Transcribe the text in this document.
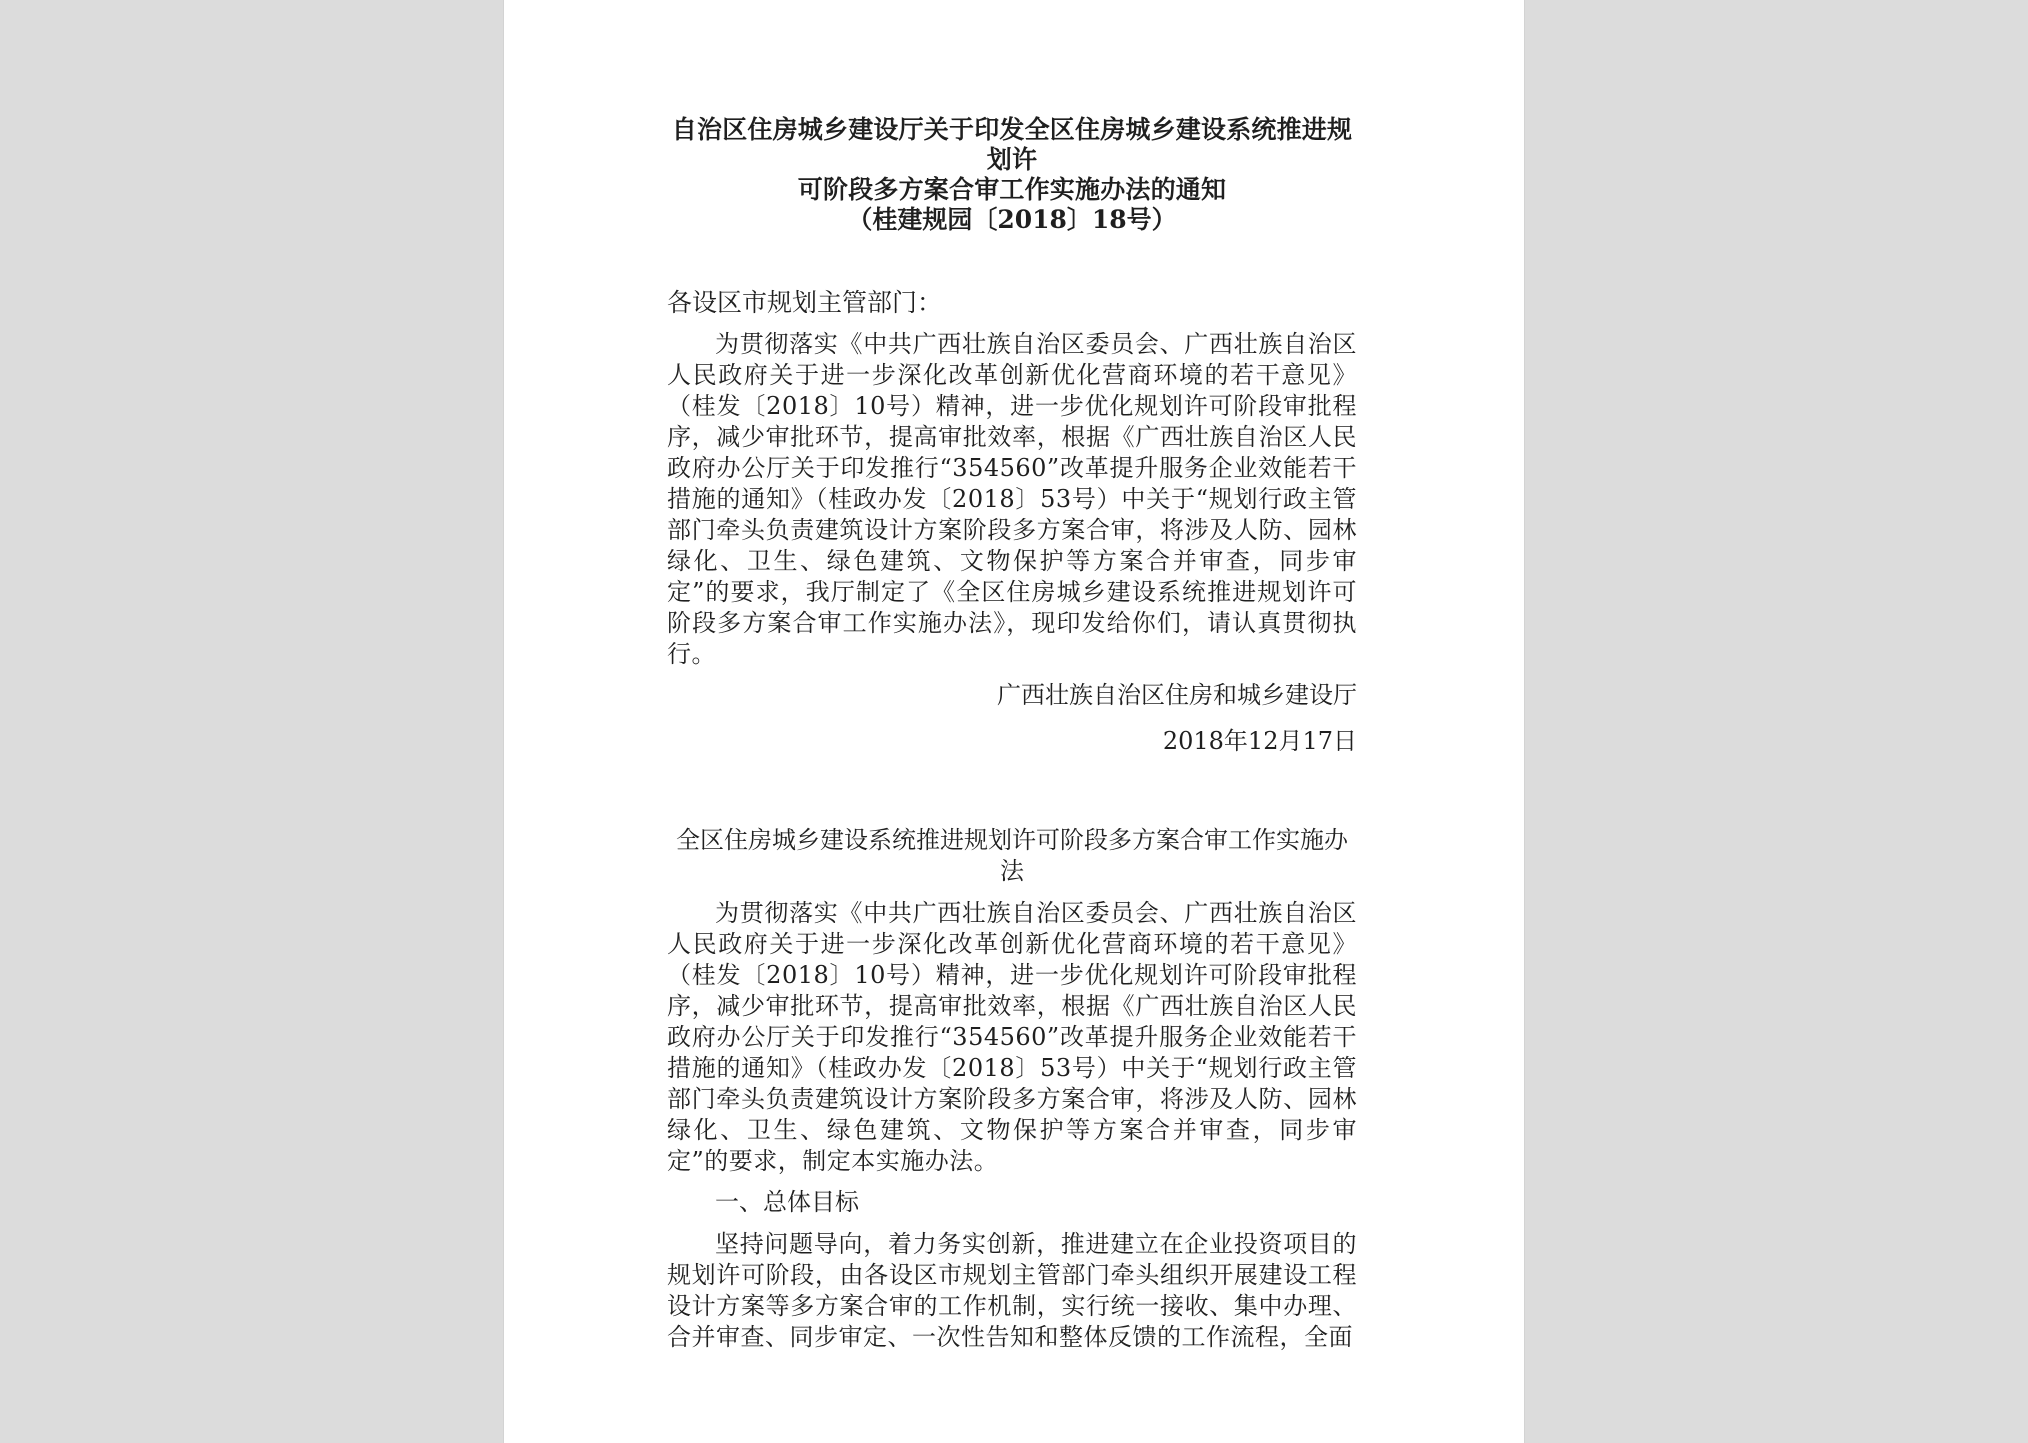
自治区住房城乡建设厅关于印发全区住房城乡建设系统推进规划许

可阶段多方案合审工作实施办法的通知

（桂建规园〔2018〕18号）

各设区市规划主管部门：

为贯彻落实《中共广西壮族自治区委员会、广西壮族自治区人民政府关于进一步深化改革创新优化营商环境的若干意见》（桂发〔2018〕10号）精神，进一步优化规划许可阶段审批程序，减少审批环节，提高审批效率，根据《广西壮族自治区人民政府办公厅关于印发推行“354560”改革提升服务企业效能若干措施的通知》（桂政办发〔2018〕53号）中关于“规划行政主管部门牵头负责建筑设计方案阶段多方案合审，将涉及人防、园林绿化、卫生、绿色建筑、文物保护等方案合并审查，同步审定”的要求，我厅制定了《全区住房城乡建设系统推进规划许可阶段多方案合审工作实施办法》，现印发给你们，请认真贯彻执行。

广西壮族自治区住房和城乡建设厅

2018年12月17日

全区住房城乡建设系统推进规划许可阶段多方案合审工作实施办法

为贯彻落实《中共广西壮族自治区委员会、广西壮族自治区人民政府关于进一步深化改革创新优化营商环境的若干意见》（桂发〔2018〕10号）精神，进一步优化规划许可阶段审批程序，减少审批环节，提高审批效率，根据《广西壮族自治区人民政府办公厅关于印发推行“354560”改革提升服务企业效能若干措施的通知》（桂政办发〔2018〕53号）中关于“规划行政主管部门牵头负责建筑设计方案阶段多方案合审，将涉及人防、园林绿化、卫生、绿色建筑、文物保护等方案合并审查，同步审定”的要求，制定本实施办法。

一、总体目标

坚持问题导向，着力务实创新，推进建立在企业投资项目的规划许可阶段，由各设区市规划主管部门牵头组织开展建设工程设计方案等多方案合审的工作机制，实行统一接收、集中办理、合并审查、同步审定、一次性告知和整体反馈的工作流程，全面
